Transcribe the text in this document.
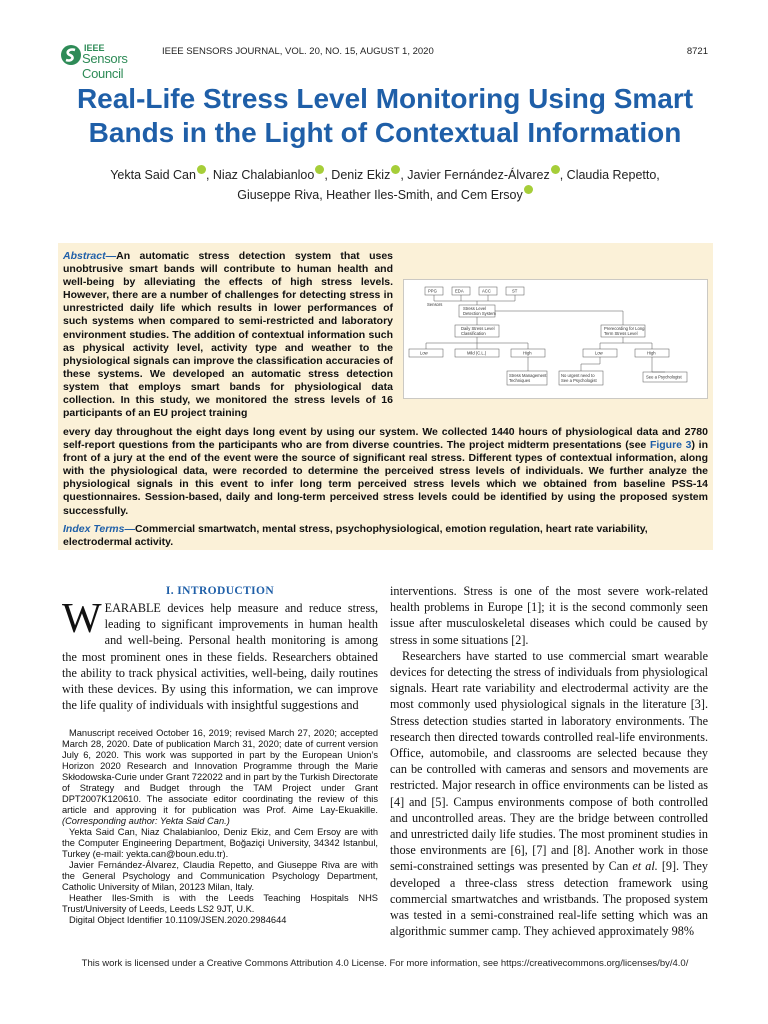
IEEE
Sensors Council
IEEE SENSORS JOURNAL, VOL. 20, NO. 15, AUGUST 1, 2020	8721
Real-Life Stress Level Monitoring Using Smart
Bands in the Light of Contextual Information
Yekta Said Can , Niaz Chalabianloo , Deniz Ekiz , Javier Fernández-Álvarez , Claudia Repetto,
Giuseppe Riva, Heather Iles-Smith, and Cem Ersoy

Abstract—An automatic stress detection system that uses unobtrusive smart bands will contribute to human health and well-being by alleviating the effects of high stress levels. However, there are a number of challenges for detecting stress in unrestricted daily life which results in lower performances of such systems when compared to semi-restricted and laboratory environment studies. The addition of contextual information such as physical activity level, activity type and weather to the physiological signals can improve the classification accuracies of these systems. We developed an automatic stress detection system that employs smart bands for physiological data collection. In this study, we monitored the stress levels of 16 participants of an EU project training

PPG	EDA	ACC	ST
Sensors
Stress Level
Detection System
Daily Stress Level
Classification
Prerecording for Long
Term Stress Level
Low	Mild (C.L.)	High	Low	High
Stress Management
Techniques
No urgent need to
See a Psychologist
See a Psychologist

every day throughout the eight days long event by using our system. We collected 1440 hours of physiological data and 2780 self-report questions from the participants who are from diverse countries. The project midterm presentations (see Figure 3) in front of a jury at the end of the event were the source of significant real stress. Different types of contextual information, along with the physiological data, were recorded to determine the perceived stress levels of individuals. We further analyze the physiological signals in this event to infer long term perceived stress levels which we obtained from baseline PSS-14 questionnaires. Session-based, daily and long-term perceived stress levels could be identified by using the proposed system successfully.

Index Terms—Commercial smartwatch, mental stress, psychophysiological, emotion regulation, heart rate variability, electrodermal activity.

I. INTRODUCTION
WEARABLE devices help measure and reduce stress, leading to significant improvements in human health and well-being. Personal health monitoring is among the most prominent ones in these fields. Researchers obtained the ability to track physical activities, well-being, daily routines with these devices. By using this information, we can improve the life quality of individuals with insightful suggestions and

Manuscript received October 16, 2019; revised March 27, 2020; accepted March 28, 2020. Date of publication March 31, 2020; date of current version July 6, 2020. This work was supported in part by the European Union’s Horizon 2020 Research and Innovation Programme through the Marie Skłodowska-Curie under Grant 722022 and in part by the Turkish Directorate of Strategy and Budget through the TAM Project under Grant DPT2007K120610. The associate editor coordinating the review of this article and approving it for publication was Prof. Aime Lay-Ekuakille. (Corresponding author: Yekta Said Can.)

Yekta Said Can, Niaz Chalabianloo, Deniz Ekiz, and Cem Ersoy are with the Computer Engineering Department, Boğaziçi University, 34342 Istanbul, Turkey (e-mail: yekta.can@boun.edu.tr).

Javier Fernández-Álvarez, Claudia Repetto, and Giuseppe Riva are with the General Psychology and Communication Psychology Department, Catholic University of Milan, 20123 Milan, Italy.

Heather Iles-Smith is with the Leeds Teaching Hospitals NHS Trust/University of Leeds, Leeds LS2 9JT, U.K.

Digital Object Identifier 10.1109/JSEN.2020.2984644

interventions. Stress is one of the most severe work-related health problems in Europe [1]; it is the second commonly seen issue after musculoskeletal diseases which could be caused by stress in some situations [2].

Researchers have started to use commercial smart wearable devices for detecting the stress of individuals from physiological signals. Heart rate variability and electrodermal activity are the most commonly used physiological signals in the literature [3]. Stress detection studies started in laboratory environments. The research then directed towards controlled real-life environments. Office, automobile, and classrooms are selected because they can be controlled with cameras and sensors and movements are restricted. Major research in office environments can be listed as [4] and [5]. Campus environments compose of both controlled and uncontrolled areas. They are the bridge between controlled and unrestricted daily life studies. The most prominent studies in those environments are [6], [7] and [8]. Another work in those semi-constrained settings was presented by Can et al. [9]. They developed a three-class stress detection framework using commercial smartwatches and wristbands. The proposed system was tested in a semi-constrained real-life setting which was an algorithmic summer camp. They achieved approximately 98%

This work is licensed under a Creative Commons Attribution 4.0 License. For more information, see https://creativecommons.org/licenses/by/4.0/
